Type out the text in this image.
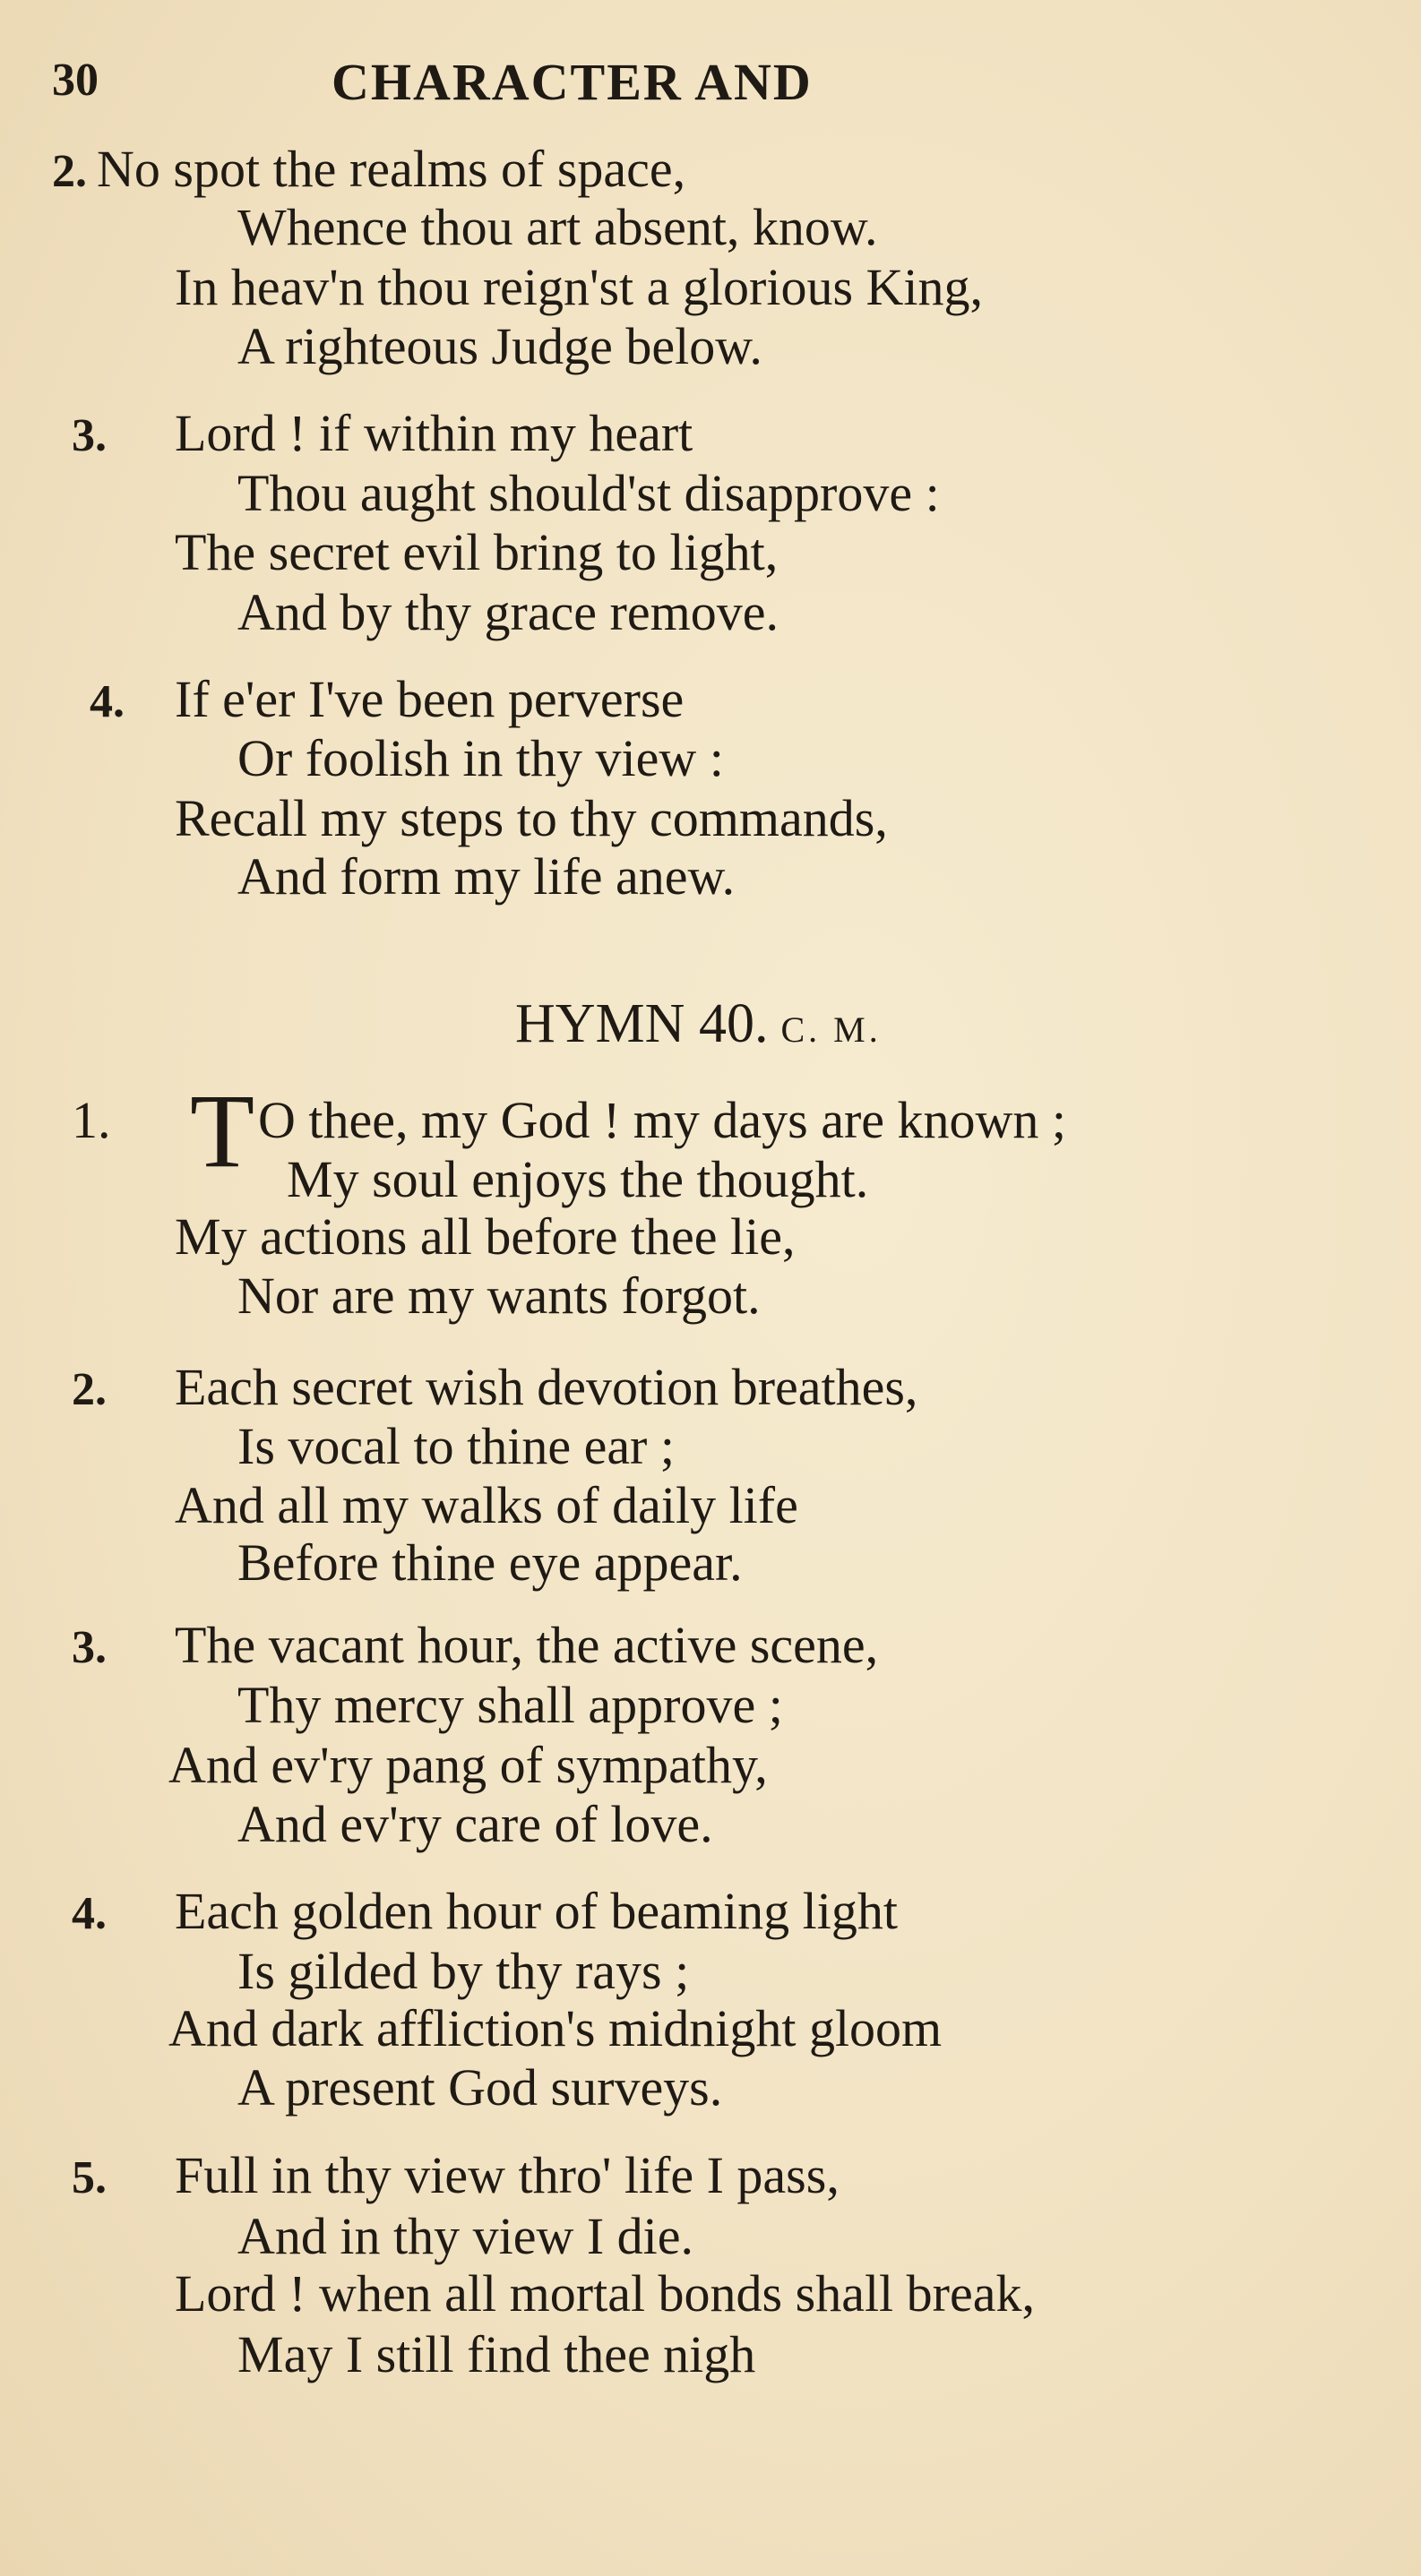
30	CHARACTER AND
2. No spot the realms of space,
Whence thou art absent, know.
In heav'n thou reign'st a glorious King,
A righteous Judge below.
3. Lord ! if within my heart
Thou aught should'st disapprove :
The secret evil bring to light,
And by thy grace remove.
4. If e'er I've been perverse
Or foolish in thy view :
Recall my steps to thy commands,
And form my life anew.
HYMN 40. C. M.
1. T O thee, my God ! my days are known ;
My soul enjoys the thought.
My actions all before thee lie,
Nor are my wants forgot.
2. Each secret wish devotion breathes,
Is vocal to thine ear ;
And all my walks of daily life
Before thine eye appear.
3. The vacant hour, the active scene,
Thy mercy shall approve ;
And ev'ry pang of sympathy,
And ev'ry care of love.
4. Each golden hour of beaming light
Is gilded by thy rays ;
And dark affliction's midnight gloom
A present God surveys.
5. Full in thy view thro' life I pass,
And in thy view I die.
Lord ! when all mortal bonds shall break,
May I still find thee nigh
